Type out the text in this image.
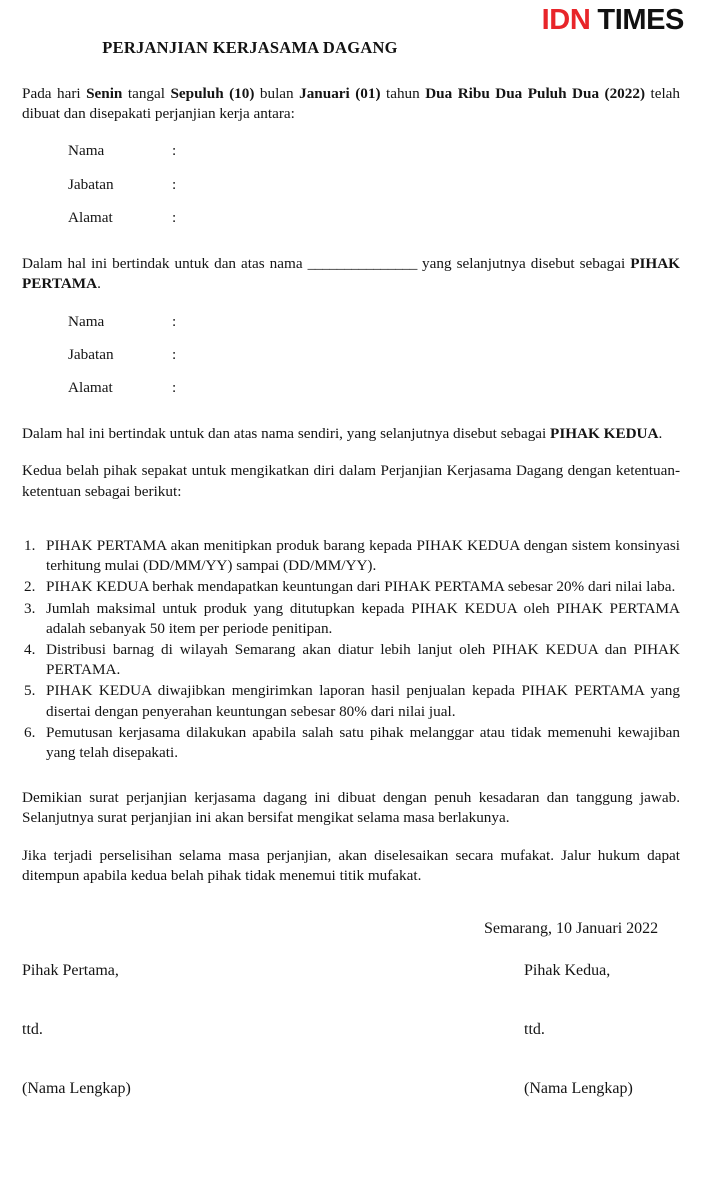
IDN TIMES
PERJANJIAN KERJASAMA DAGANG

Pada hari Senin tangal Sepuluh (10) bulan Januari (01) tahun Dua Ribu Dua Puluh Dua (2022) telah dibuat dan disepakati perjanjian kerja antara:

Nama	:
Jabatan	:
Alamat	:

Dalam hal ini bertindak untuk dan atas nama _______________ yang selanjutnya disebut sebagai PIHAK PERTAMA.

Nama	:
Jabatan	:
Alamat	:

Dalam hal ini bertindak untuk dan atas nama sendiri, yang selanjutnya disebut sebagai PIHAK KEDUA.

Kedua belah pihak sepakat untuk mengikatkan diri dalam Perjanjian Kerjasama Dagang dengan ketentuan-ketentuan sebagai berikut:

1. PIHAK PERTAMA akan menitipkan produk barang kepada PIHAK KEDUA dengan sistem konsinyasi terhitung mulai (DD/MM/YY) sampai (DD/MM/YY).
2. PIHAK KEDUA berhak mendapatkan keuntungan dari PIHAK PERTAMA sebesar 20% dari nilai laba.
3. Jumlah maksimal untuk produk yang ditutupkan kepada PIHAK KEDUA oleh PIHAK PERTAMA adalah sebanyak 50 item per periode penitipan.
4. Distribusi barnag di wilayah Semarang akan diatur lebih lanjut oleh PIHAK KEDUA dan PIHAK PERTAMA.
5. PIHAK KEDUA diwajibkan mengirimkan laporan hasil penjualan kepada PIHAK PERTAMA yang disertai dengan penyerahan keuntungan sebesar 80% dari nilai jual.
6. Pemutusan kerjasama dilakukan apabila salah satu pihak melanggar atau tidak memenuhi kewajiban yang telah disepakati.

Demikian surat perjanjian kerjasama dagang ini dibuat dengan penuh kesadaran dan tanggung jawab. Selanjutnya surat perjanjian ini akan bersifat mengikat selama masa berlakunya.

Jika terjadi perselisihan selama masa perjanjian, akan diselesaikan secara mufakat. Jalur hukum dapat ditempun apabila kedua belah pihak tidak menemui titik mufakat.

Semarang, 10 Januari 2022
Pihak Pertama,	Pihak Kedua,
ttd.	ttd.
(Nama Lengkap)	(Nama Lengkap)
